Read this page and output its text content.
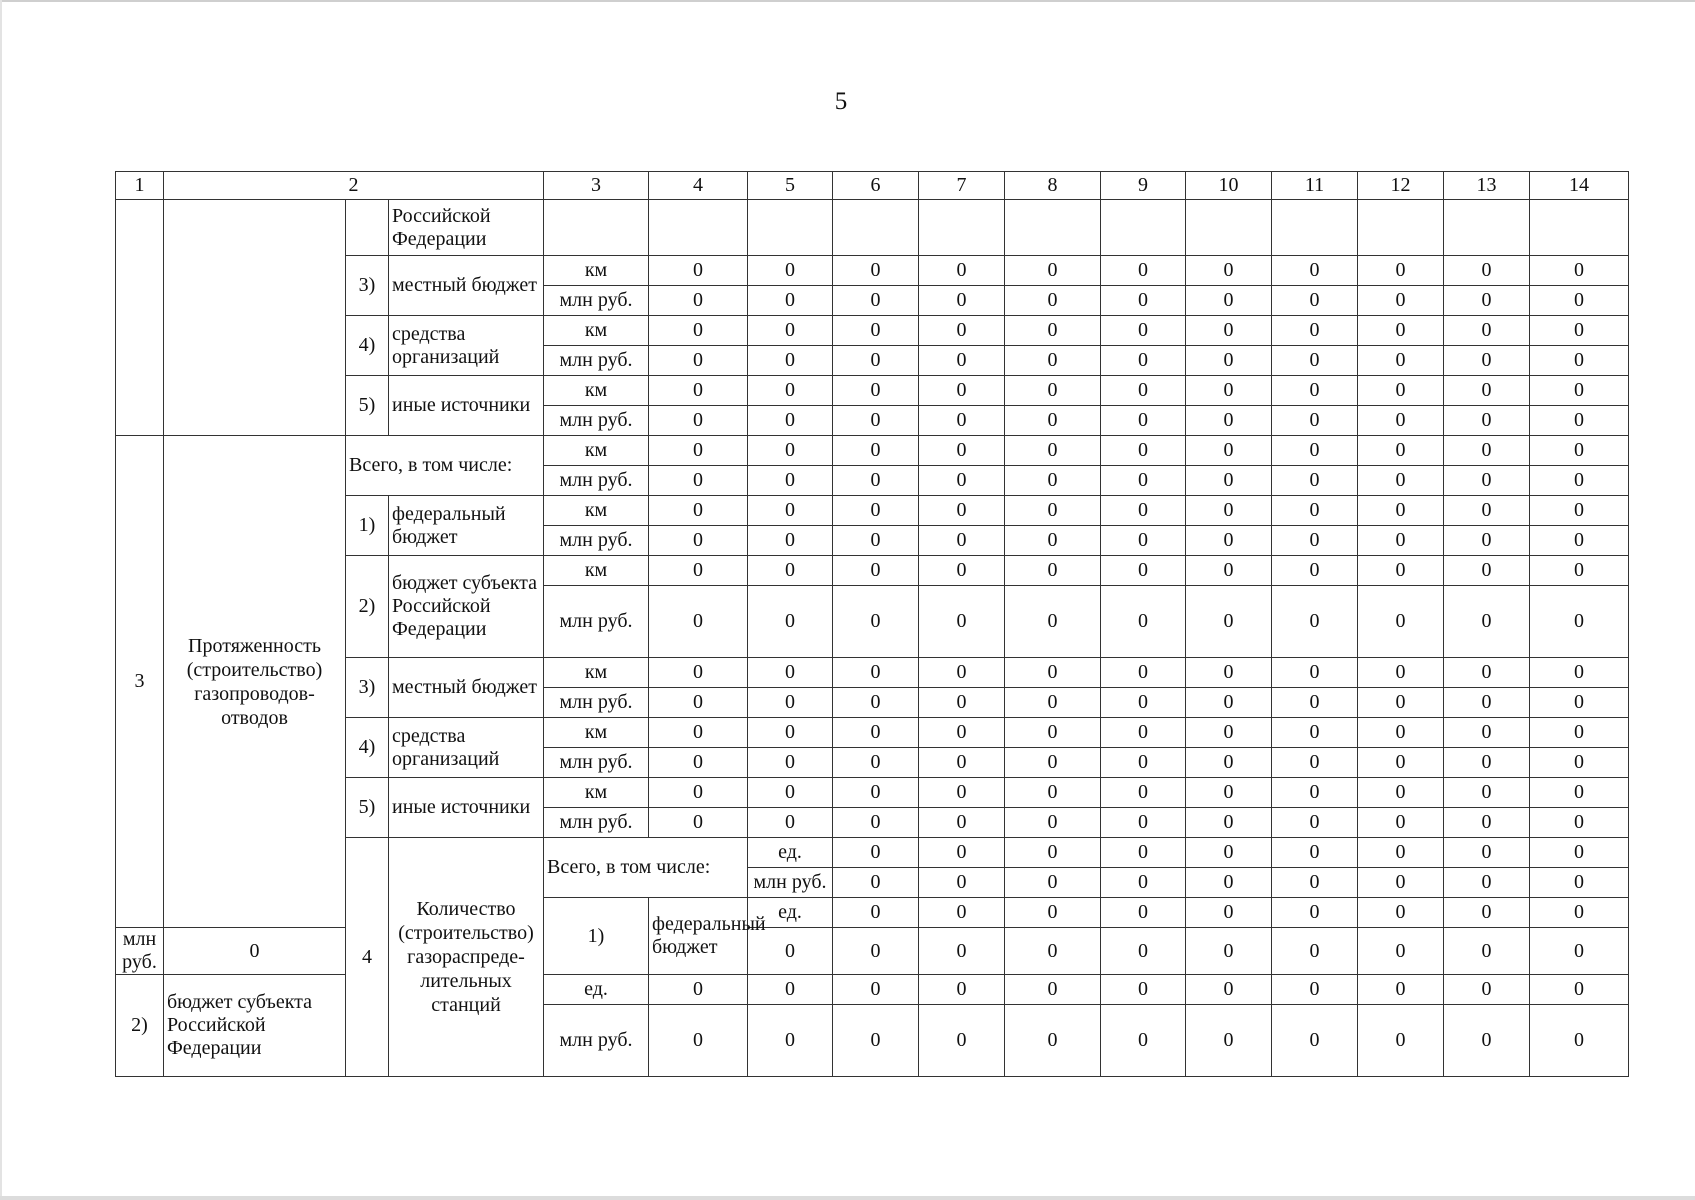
5
1	2			3	4	5	6	7	8	9	10	11	12	13	14	
			Российской Федерации													
		3)	местный бюджет	км	0	0	0	0	0	0	0	0	0	0	0	
				млн руб.	0	0	0	0	0	0	0	0	0	0	0	
		4)	средства организаций	км	0	0	0	0	0	0	0	0	0	0	0	
				млн руб.	0	0	0	0	0	0	0	0	0	0	0	
		5)	иные источники	км	0	0	0	0	0	0	0	0	0	0	0	
				млн руб.	0	0	0	0	0	0	0	0	0	0	0	
3	Протяженность (строительство) газопроводов-отводов	Всего, в том числе:		км	0	0	0	0	0	0	0	0	0	0	0	
				млн руб.	0	0	0	0	0	0	0	0	0	0	0	
		1)	федеральный бюджет	км	0	0	0	0	0	0	0	0	0	0	0	
				млн руб.	0	0	0	0	0	0	0	0	0	0	0	
		2)	бюджет субъекта Российской Федерации	км	0	0	0	0	0	0	0	0	0	0	0	
				млн руб.	0	0	0	0	0	0	0	0	0	0	0	
		3)	местный бюджет	км	0	0	0	0	0	0	0	0	0	0	0	
				млн руб.	0	0	0	0	0	0	0	0	0	0	0	
		4)	средства организаций	км	0	0	0	0	0	0	0	0	0	0	0	
				млн руб.	0	0	0	0	0	0	0	0	0	0	0	
		5)	иные источники	км	0	0	0	0	0	0	0	0	0	0	0	
				млн руб.	0	0	0	0	0	0	0	0	0	0	0	
		4	Количество (строительство) газораспреде-лительных станций	Всего, в том числе:		ед.	0	0	0	0	0	0	0	0	0		
						млн руб.	0	0	0	0	0	0	0	0	0		
				1)	федеральный бюджет	ед.	0	0	0	0	0	0	0	0	0		
млн руб.	0					0	0	0	0	0	0	0	0	0	0	
2)	бюджет субъекта Российской Федерации			ед.	0	0	0	0	0	0	0	0	0	0	0	
				млн руб.	0	0	0	0	0	0	0	0	0	0	0	
